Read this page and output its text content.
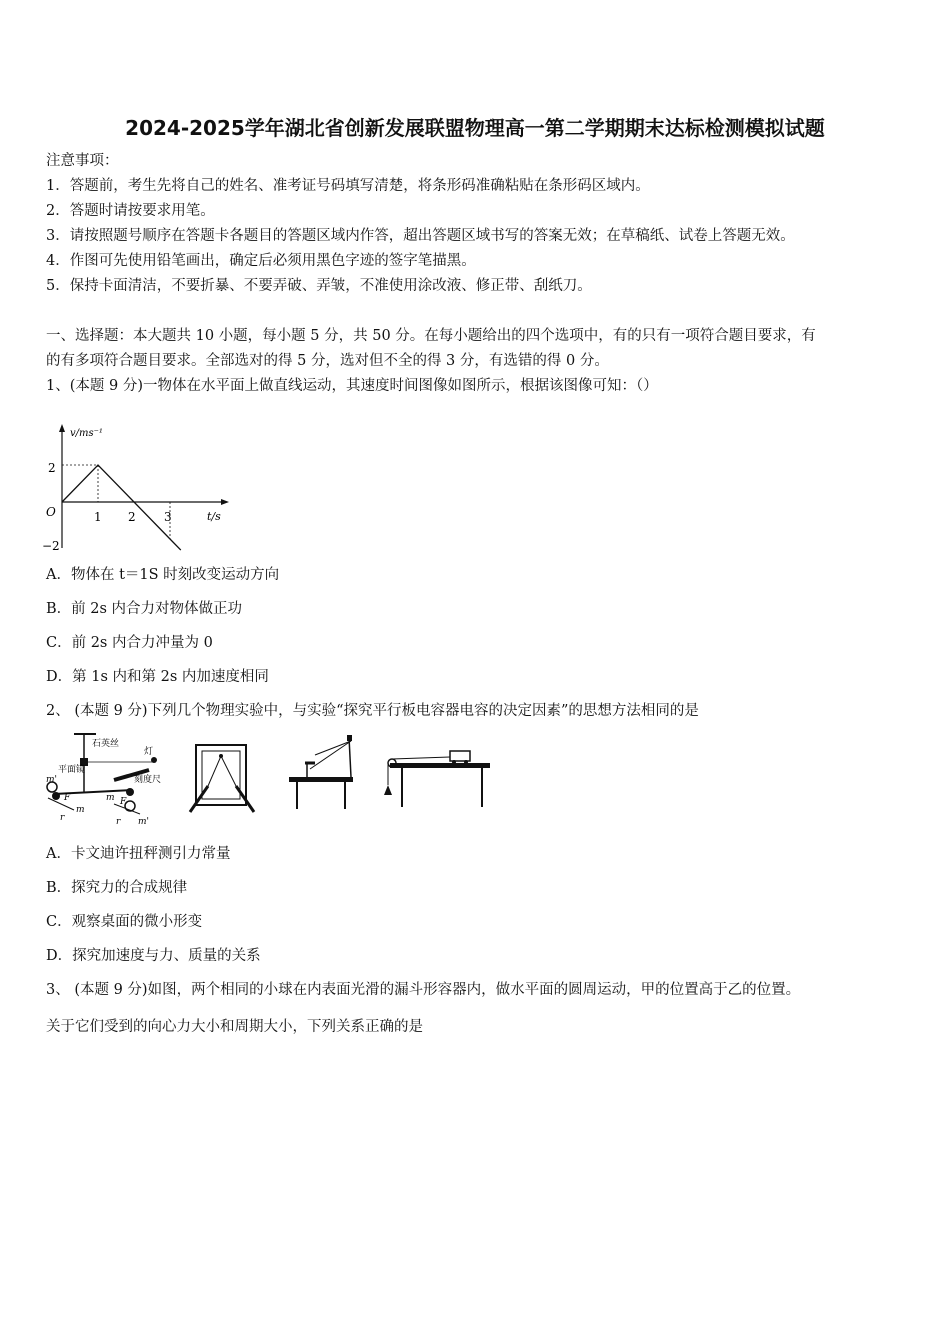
2024-2025学年湖北省创新发展联盟物理高一第二学期期末达标检测模拟试题
注意事项：
1．答题前，考生先将自己的姓名、准考证号码填写清楚，将条形码准确粘贴在条形码区域内。
2．答题时请按要求用笔。
3．请按照题号顺序在答题卡各题目的答题区域内作答，超出答题区域书写的答案无效；在草稿纸、试卷上答题无效。
4．作图可先使用铅笔画出，确定后必须用黑色字迹的签字笔描黑。
5．保持卡面清洁，不要折暴、不要弄破、弄皱，不准使用涂改液、修正带、刮纸刀。
一、选择题：本大题共 10 小题，每小题 5 分，共 50 分。在每小题给出的四个选项中，有的只有一项符合题目要求，有
的有多项符合题目要求。全部选对的得 5 分，选对但不全的得 3 分，有选错的得 0 分。
1、(本题 9 分)一物体在水平面上做直线运动，其速度时间图像如图所示，根据该图像可知：（）
v/ms⁻¹
t/s
O
2
−2
1 2 3
A．物体在 t＝1S 时刻改变运动方向
B．前 2s 内合力对物体做正功
C．前 2s 内合力冲量为 0
D．第 1s 内和第 2s 内加速度相同
2、 (本题 9 分)下列几个物理实验中，与实验“探究平行板电容器电容的决定因素”的思想方法相同的是
石英丝
平面镜
灯
刻度尺
m'
m'
F	F
r	r
m
m
A．卡文迪许扭秤测引力常量
B．探究力的合成规律
C．观察桌面的微小形变
D．探究加速度与力、质量的关系
3、 (本题 9 分)如图，两个相同的小球在内表面光滑的漏斗形容器内，做水平面的圆周运动，甲的位置高于乙的位置。
关于它们受到的向心力大小和周期大小，下列关系正确的是
